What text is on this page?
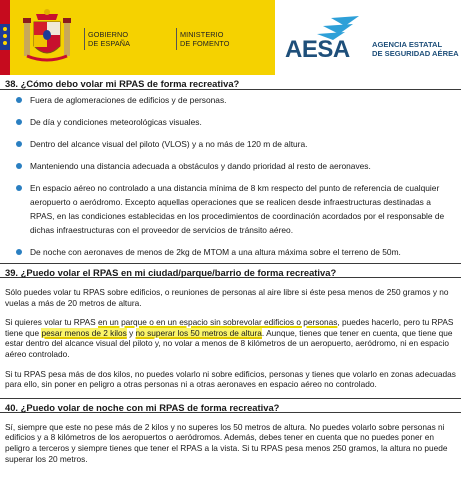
GOBIERNO
DE ESPAÑA
MINISTERIO
DE FOMENTO AESA	AGENCIA ESTATAL
DE SEGURIDAD AÉREA
38. ¿Cómo debo volar mi RPAS de forma recreativa?
Fuera de aglomeraciones de edificios y de personas.
De día y condiciones meteorológicas visuales.
Dentro del alcance visual del piloto (VLOS) y a no más de 120 m de altura.
Manteniendo una distancia adecuada a obstáculos y dando prioridad al resto de aeronaves.
En espacio aéreo no controlado a una distancia mínima de 8 km respecto del punto de referencia de cualquier aeropuerto o aeródromo. Excepto aquellas operaciones que se realicen desde infraestructuras destinadas a RPAS, en las condiciones establecidas en los procedimientos de coordinación acordados por el responsable de dichas infraestructuras con el proveedor de servicios de tránsito aéreo.
De noche con aeronaves de menos de 2kg de MTOM a una altura máxima sobre el terreno de 50m.
39. ¿Puedo volar el RPAS en mi ciudad/parque/barrio de forma recreativa?

Sólo puedes volar tu RPAS sobre edificios, o reuniones de personas al aire libre si éste pesa menos de 250 gramos y no vuelas a más de 20 metros de altura.

Si quieres volar tu RPAS en un parque o en un espacio sin sobrevolar edificios o personas, puedes hacerlo, pero tu RPAS tiene que pesar menos de 2 kilos y no superar los 50 metros de altura. Aunque, tienes que tener en cuenta, que tiene que estar dentro del alcance visual del piloto y, no volar a menos de 8 kilómetros de un aeropuerto, aeródromo, ni en espacio aéreo controlado.

Si tu RPAS pesa más de dos kilos, no puedes volarlo ni sobre edificios, personas y tienes que volarlo en zonas adecuadas para ello, sin poner en peligro a otras personas ni a otras aeronaves en espacio aéreo no controlado.

40. ¿Puedo volar de noche con mi RPAS de forma recreativa?

Sí, siempre que este no pese más de 2 kilos y no superes los 50 metros de altura. No puedes volarlo sobre personas ni edificios y a 8 kilómetros de los aeropuertos o aeródromos. Además, debes tener en cuenta que no puedes poner en peligro a terceros y siempre tienes que tener el RPAS a la vista. Si tu RPAS pesa menos 250 gramos, la altura no puede superar los 20 metros.
